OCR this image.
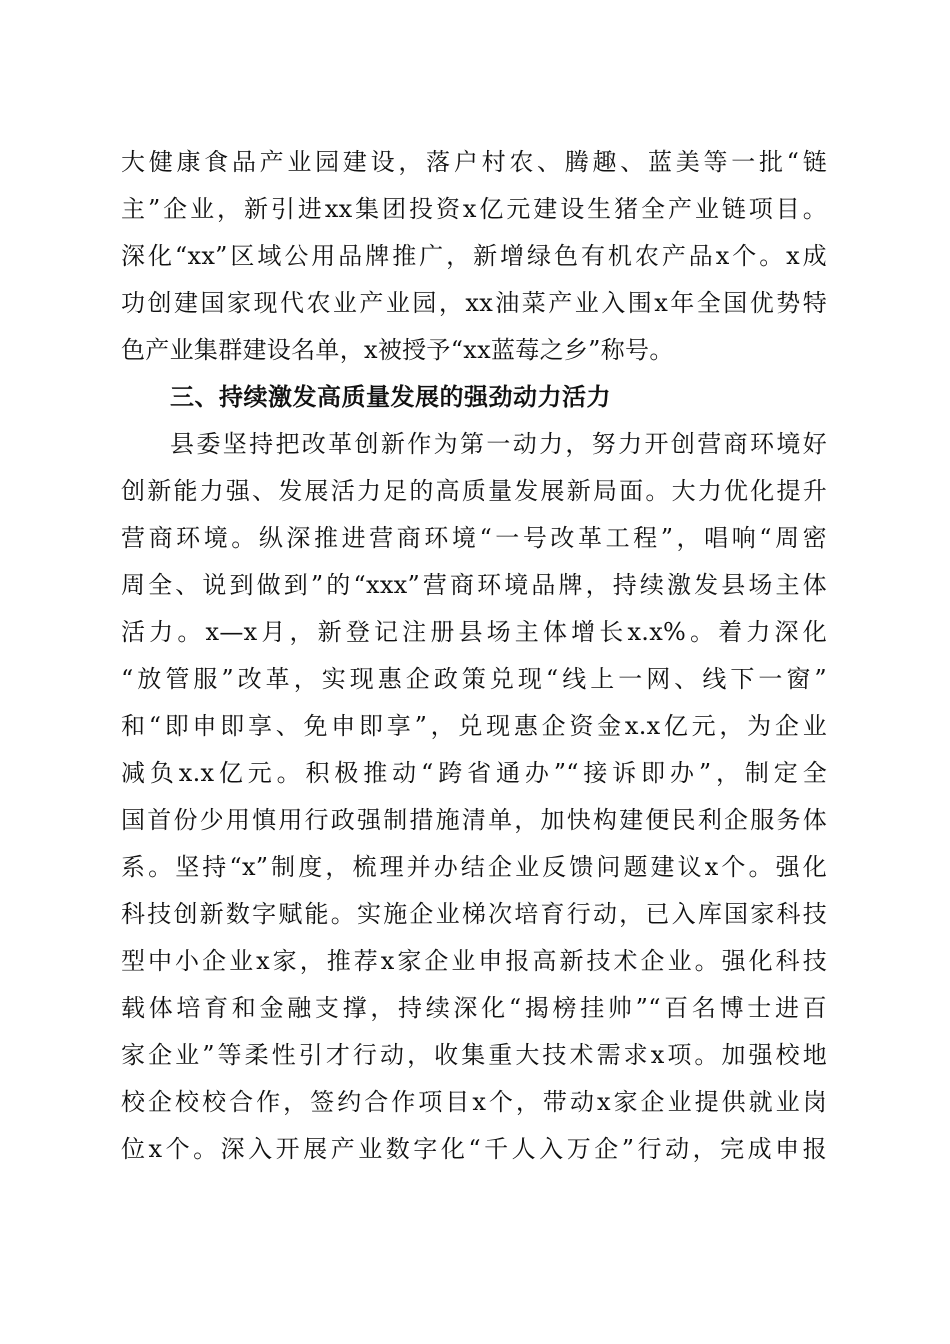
大健康食品产业园建设，落户村农、腾趣、蓝美等一批“链
主”企业，新引进xx集团投资x亿元建设生猪全产业链项目。
深化“xx”区域公用品牌推广，新增绿色有机农产品x个。x成
功创建国家现代农业产业园，xx油菜产业入围x年全国优势特
色产业集群建设名单，x被授予“xx蓝莓之乡”称号。
三、持续激发高质量发展的强劲动力活力
县委坚持把改革创新作为第一动力，努力开创营商环境好
创新能力强、发展活力足的高质量发展新局面。大力优化提升
营商环境。纵深推进营商环境“一号改革工程”，唱响“周密
周全、说到做到”的“xxx”营商环境品牌，持续激发县场主体
活力。x—x月，新登记注册县场主体增长x.x%。着力深化
“放管服”改革，实现惠企政策兑现“线上一网、线下一窗”
和“即申即享、免申即享”，兑现惠企资金x.x亿元，为企业
减负x.x亿元。积极推动“跨省通办”“接诉即办”，制定全
国首份少用慎用行政强制措施清单，加快构建便民利企服务体
系。坚持“x”制度，梳理并办结企业反馈问题建议x个。强化
科技创新数字赋能。实施企业梯次培育行动，已入库国家科技
型中小企业x家，推荐x家企业申报高新技术企业。强化科技
载体培育和金融支撑，持续深化“揭榜挂帅”“百名博士进百
家企业”等柔性引才行动，收集重大技术需求x项。加强校地
校企校校合作，签约合作项目x个，带动x家企业提供就业岗
位x个。深入开展产业数字化“千人入万企”行动，完成申报
